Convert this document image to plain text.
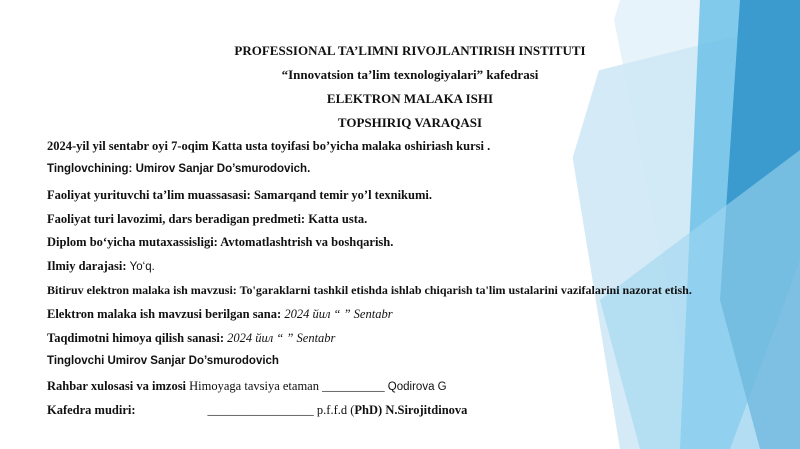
PROFESSIONAL TA’LIMNI RIVOJLANTIRISH INSTITUTI
“Innovatsion ta’lim texnologiyalari” kafedrasi
ELEKTRON MALAKA ISHI
TOPSHIRIQ VARAQASI
2024-yil yil sentabr oyi 7-oqim Katta usta toyifasi bo’yicha malaka oshiriash kursi .
Tinglovchining: Umirov Sanjar Do’smurodovich.
Faoliyat yuritu​vchi ta’lim muassasasi: Samarqand temir yo’l texnikumi.
Faoliyat turi lavozimi, dars beradigan predmeti: Katta usta.
Diplom bo‘yicha mutaxassisligi: Avtomatlashtrish va boshqarish.
Ilmiy darajasi: Yo‘q.
Bitiruv elektron malaka ish mavzusi: To'garaklarni tashkil etishda ishlab chiqarish ta'lim ustalarini vazifalarini nazorat etish.
Elektron malaka ish mavzusi berilgan sana: 2024 йил “ ” Sentabr
Taqdimotni himoya qilish sanasi: 2024 йил “ ” Sentabr
Tinglovchi Umirov Sanjar Do’smurodovich
Rahbar xulosasi va imzosi Himoyaga tavsiya etaman __________ Qodirova G
Kafedra mudiri:	_________________ p.f.f.d (PhD) N.Sirojitdinova
